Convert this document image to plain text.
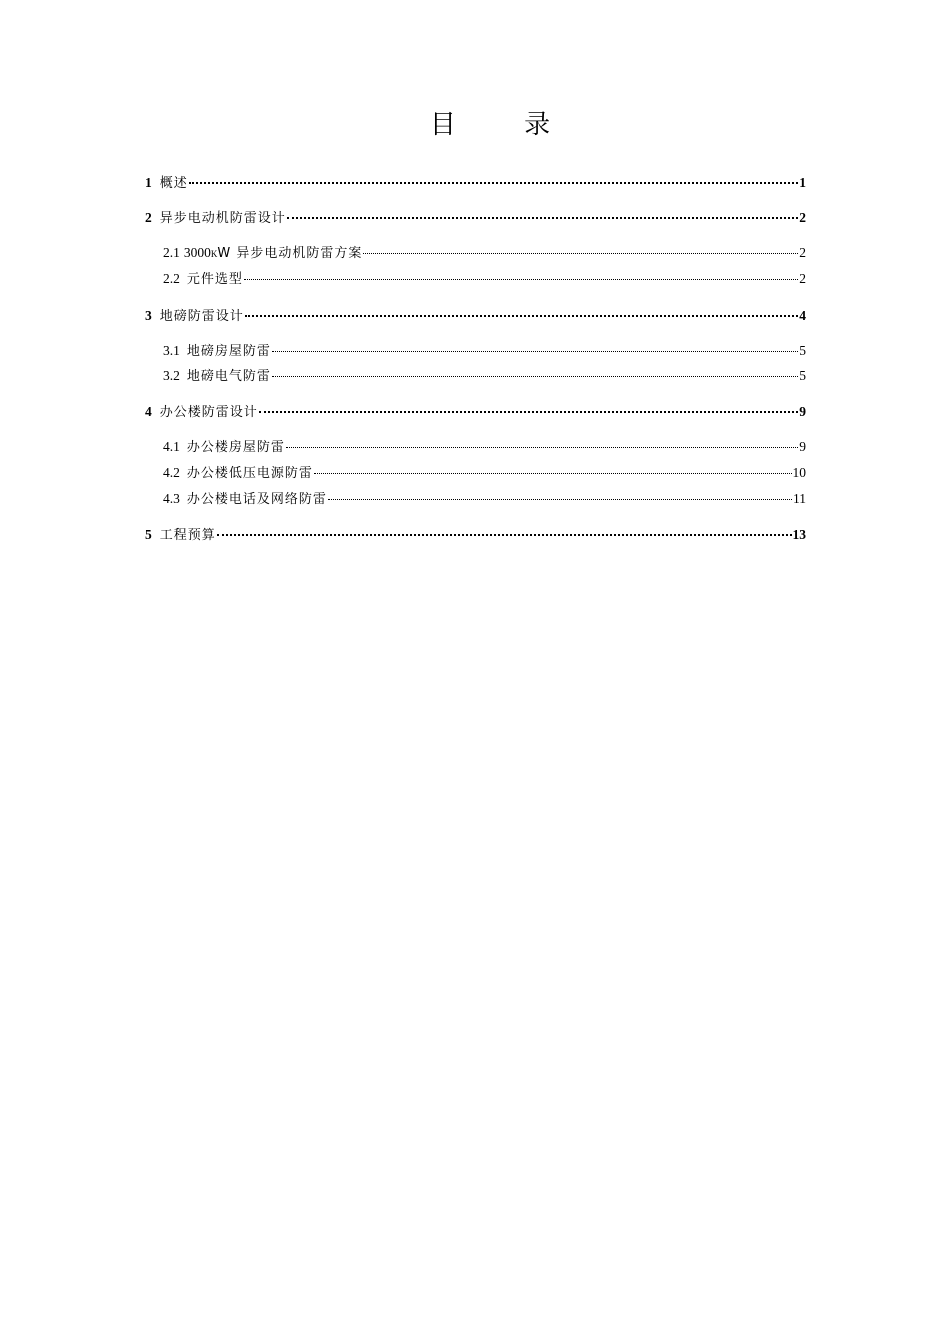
目 录
1 概述	1
2 异步电动机防雷设计	2
2.1 3000 K W 异步电动机防雷方案	2
2.2 元件选型	2
3 地磅防雷设计	4
3.1 地磅房屋防雷	5
3.2 地磅电气防雷	5
4 办公楼防雷设计	9
4.1 办公楼房屋防雷	9
4.2 办公楼低压电源防雷	10
4.3 办公楼电话及网络防雷	11
5 工程预算	13
